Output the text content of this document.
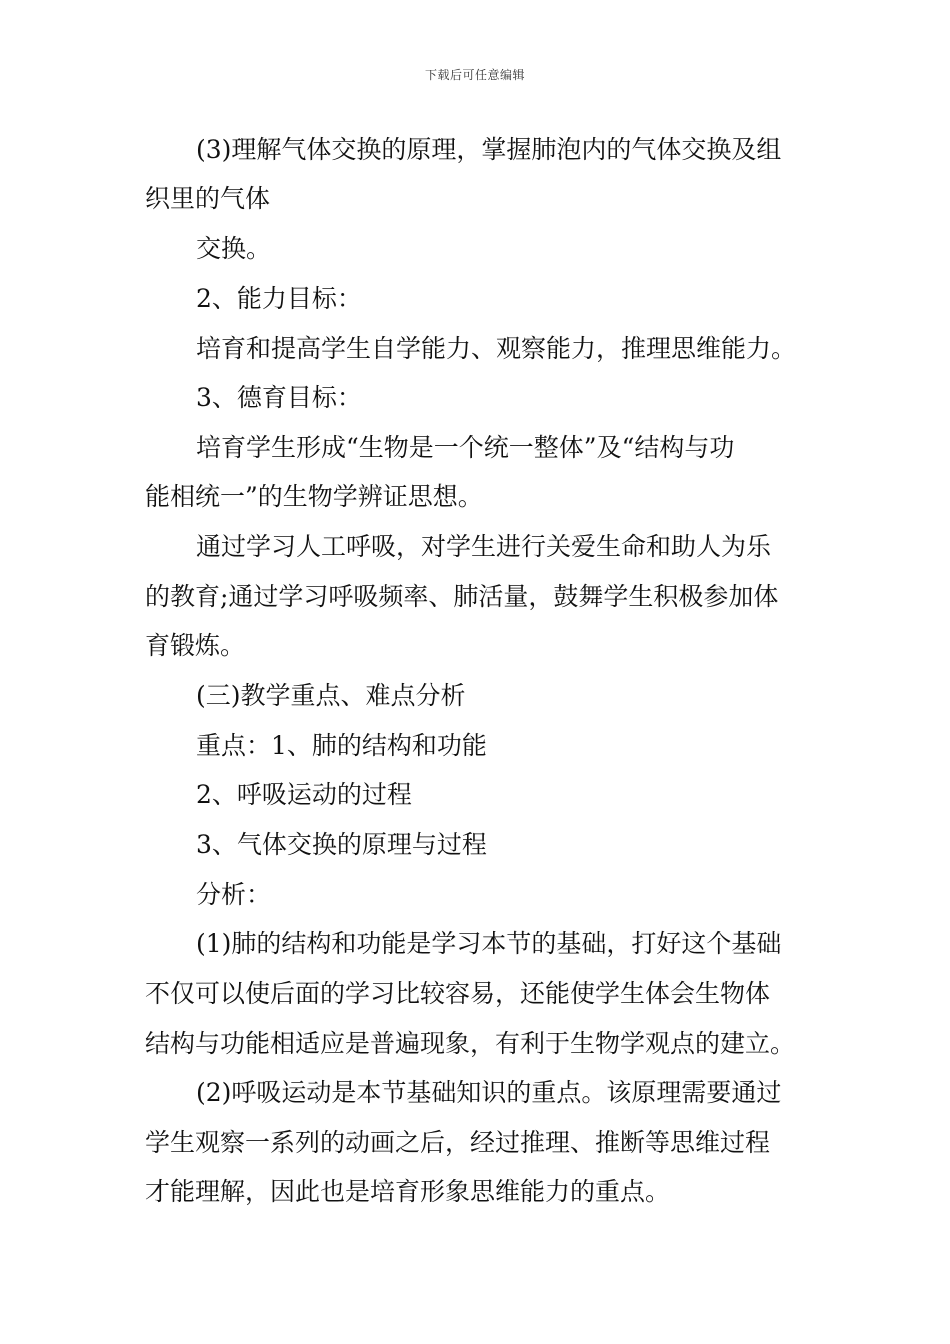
下载后可任意编辑
(3)理解气体交换的原理，掌握肺泡内的气体交换及组
织里的气体
交换。
2、能力目标：
培育和提高学生自学能力、观察能力，推理思维能力。
3、德育目标：
培育学生形成“生物是一个统一整体”及“结构与功
能相统一”的生物学辨证思想。
通过学习人工呼吸，对学生进行关爱生命和助人为乐
的教育;通过学习呼吸频率、肺活量，鼓舞学生积极参加体
育锻炼。
(三)教学重点、难点分析
重点：1、肺的结构和功能
2、呼吸运动的过程
3、气体交换的原理与过程
分析：
(1)肺的结构和功能是学习本节的基础，打好这个基础
不仅可以使后面的学习比较容易，还能使学生体会生物体
结构与功能相适应是普遍现象，有利于生物学观点的建立。
(2)呼吸运动是本节基础知识的重点。该原理需要通过
学生观察一系列的动画之后，经过推理、推断等思维过程
才能理解，因此也是培育形象思维能力的重点。
